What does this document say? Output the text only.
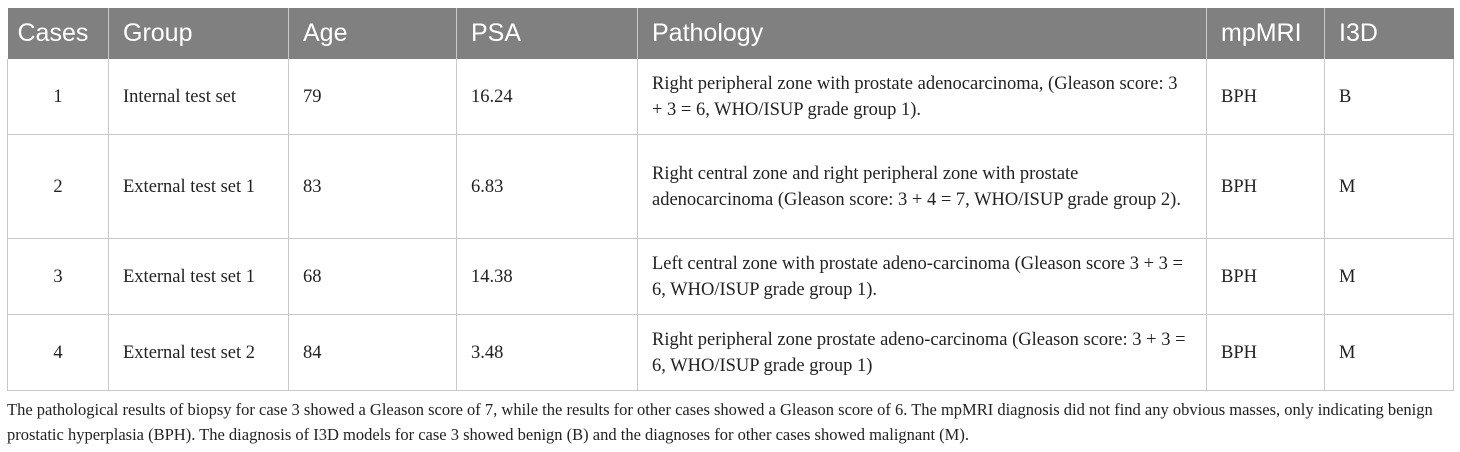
Cases	Group	Age	PSA	Pathology	mpMRI	I3D
1	Internal test set	79	16.24	Right peripheral zone with prostate adenocarcinoma, (Gleason score: 3 + 3 = 6, WHO/ISUP grade group 1).	BPH	B
2	External test set 1	83	6.83	Right central zone and right peripheral zone with prostate adenocarcinoma (Gleason score: 3 + 4 = 7, WHO/ISUP grade group 2).	BPH	M
3	External test set 1	68	14.38	Left central zone with prostate adeno-carcinoma (Gleason score 3 + 3 = 6, WHO/ISUP grade group 1).	BPH	M
4	External test set 2	84	3.48	Right peripheral zone prostate adeno-carcinoma (Gleason score: 3 + 3 = 6, WHO/ISUP grade group 1)	BPH	M

The pathological results of biopsy for case 3 showed a Gleason score of 7, while the results for other cases showed a Gleason score of 6. The mpMRI diagnosis did not find any obvious masses, only indicating benign prostatic hyperplasia (BPH). The diagnosis of I3D models for case 3 showed benign (B) and the diagnoses for other cases showed malignant (M).
